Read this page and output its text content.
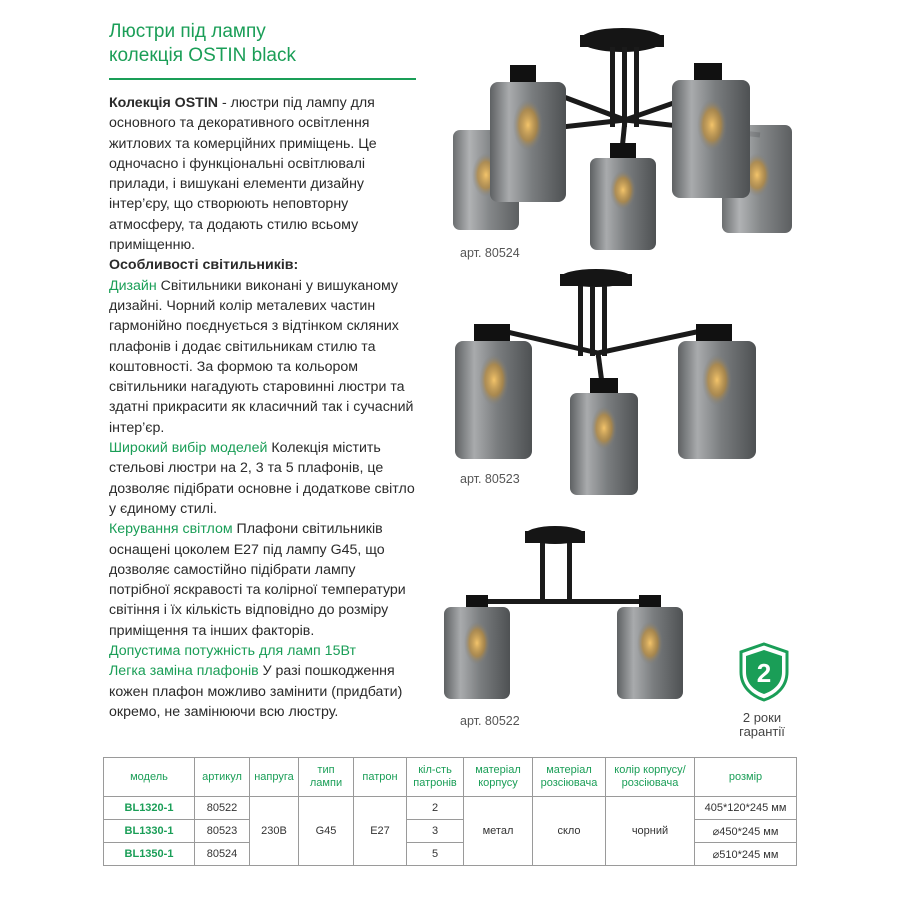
Люстри під лампу
колекція OSTIN black

Колекція OSTIN - люстри під лампу для основного та декоративного освітлення житлових та комерційних приміщень. Це одночасно і функціональні освітлювалі прилади, і вишукані елементи дизайну інтер’єру, що створюють неповторну атмосферу, та додають стилю всьому приміщенню.

Особливості світильників:

Дизайн Світильники виконані у вишуканому дизайні. Чорний колір металевих частин гармонійно поєднується з відтінком скляних плафонів і додає світильникам стилю та коштовності. За формою та кольором світильники нагадують старовинні люстри та здатні прикрасити як класичний так і сучасний інтер’єр.

Широкий вибір моделей Колекція містить стельові люстри на 2, 3 та 5 плафонів, це дозволяє підібрати основне і додаткове світло у єдиному стилі.

Керування світлом Плафони світильників оснащені цоколем E27 під лампу G45, що дозволяє самостійно підібрати лампу потрібної яскравості та колірної температури світіння і їх кількість відповідно до розміру приміщення та інших факторів.

Допустима потужність для ламп 15Вт

Легка заміна плафонів У разі пошкодження кожен плафон можливо замінити (придбати) окремо, не замінюючи всю люстру.

арт. 80524
арт. 80523
арт. 80522
2
2 роки
гарантії
модель	артикул	напруга	тип лампи	патрон	кіл-сть патронів	матеріал корпусу	матеріал розсіювача	колір корпусу/ розсіювача	розмір
BL1320-1	80522	230В	G45	E27	2	метал	скло	чорний	405*120*245 мм
BL1330-1	80523				3				⌀450*245 мм
BL1350-1	80524				5				⌀510*245 мм
